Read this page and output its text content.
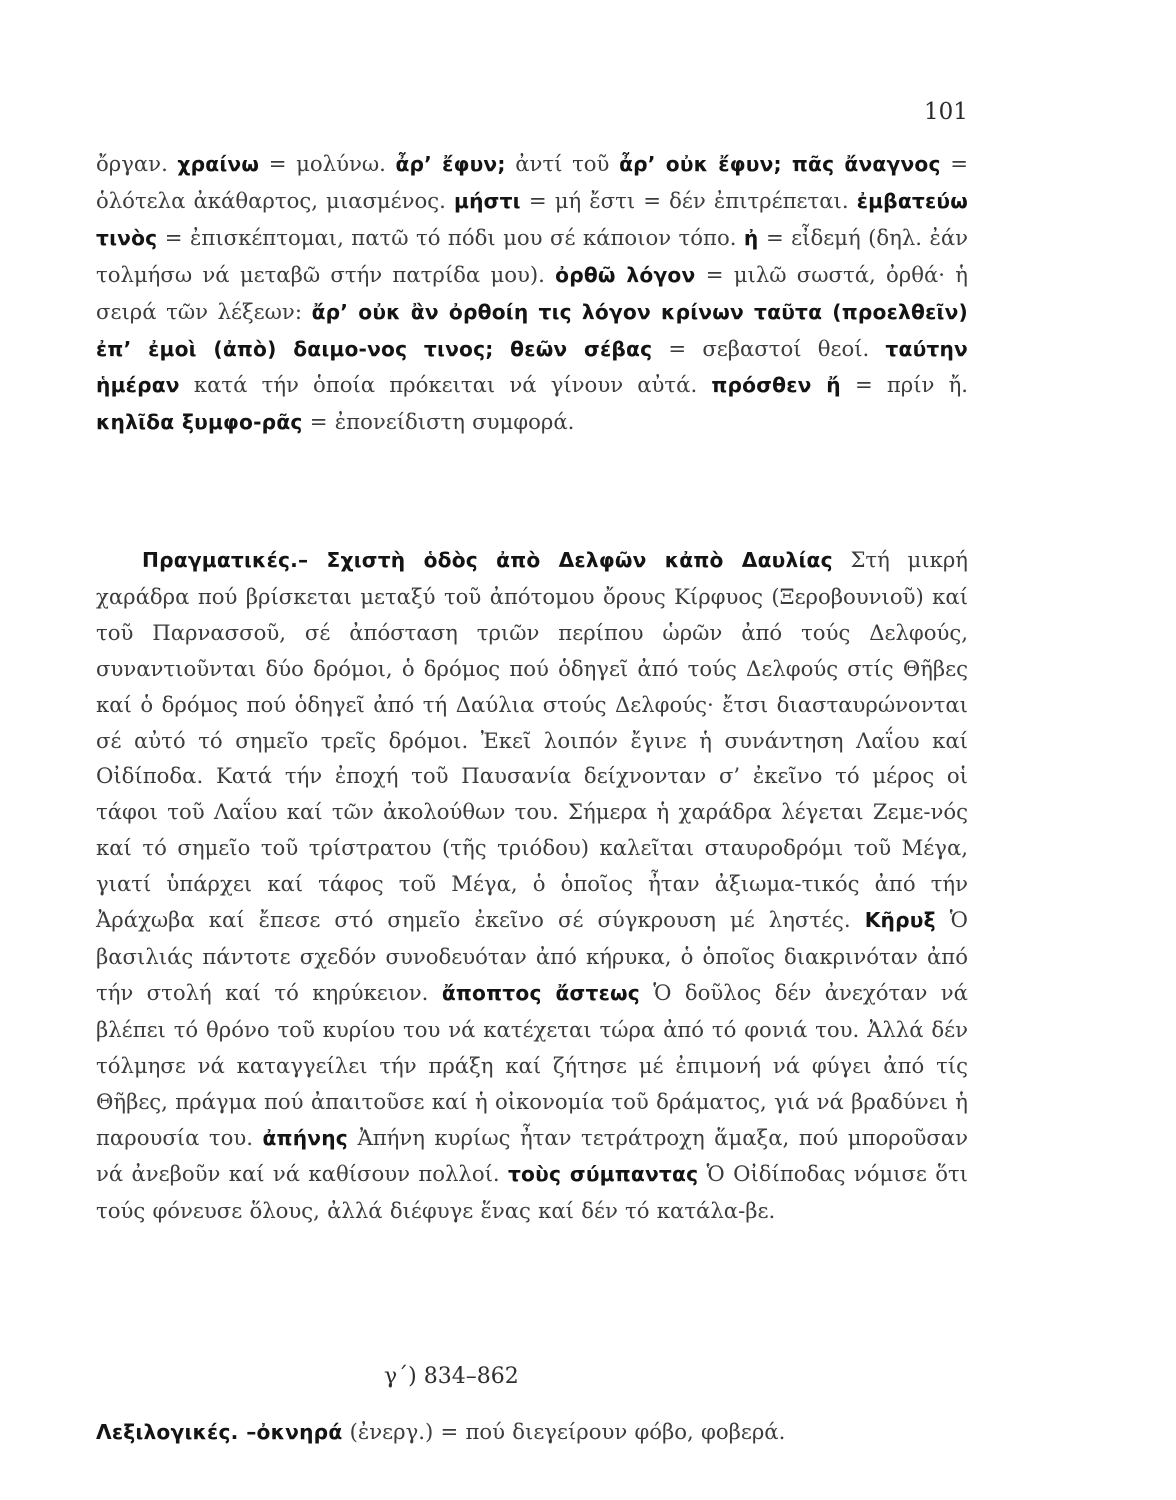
101

ὄργαν. χραίνω = μολύνω. ἆρ’ ἔφυν; ἀντί τοῦ ἆρ’ οὐκ ἔφυν; πᾶς ἄναγνος = ὁλότελα ἀκάθαρτος, μιασμένος. μήστι = μή ἔστι = δέν ἐπιτρέπεται. ἐμβατεύω τινὸς = ἐπισκέπτομαι, πατῶ τό πόδι μου σέ κάποιον τόπο. ἠ = εἶδεμή (δηλ. ἐάν τολμήσω νά μεταβῶ στήν πατρίδα μου). ὀρθῶ λόγον = μιλῶ σωστά, ὀρθά· ἡ σειρά τῶν λέξεων: ἄρ’ οὐκ ἂν ὀρθοίη τις λόγον κρίνων ταῦτα (προελθεῖν) ἐπ’ ἐμοὶ (ἀπὸ) δαιμο-νος τινος; θεῶν σέβας = σεβαστοί θεοί. ταύτην ἡμέραν κατά τήν ὁποία πρόκειται νά γίνουν αὐτά. πρόσθεν ἤ = πρίν ἤ. κηλῖδα ξυμφο-ρᾶς = ἐπονείδιστη συμφορά.

Πραγματικές.– Σχιστὴ ὁδὸς ἀπὸ Δελφῶν κἀπὸ Δαυλίας Στή μικρή χαράδρα πού βρίσκεται μεταξύ τοῦ ἀπότομου ὄρους Κίρφυος (Ξεροβουνιοῦ) καί τοῦ Παρνασσοῦ, σέ ἀπόσταση τριῶν περίπου ὡρῶν ἀπό τούς Δελφούς, συναντιοῦνται δύο δρόμοι, ὁ δρόμος πού ὁδηγεῖ ἀπό τούς Δελφούς στίς Θῆβες καί ὁ δρόμος πού ὁδηγεῖ ἀπό τή Δαύλια στούς Δελφούς· ἔτσι διασταυρώνονται σέ αὐτό τό σημεῖο τρεῖς δρόμοι. Ἐκεῖ λοιπόν ἔγινε ἡ συνάντηση Λαΐου καί Οἰδίποδα. Κατά τήν ἐποχή τοῦ Παυσανία δείχνονταν σ’ ἐκεῖνο τό μέρος οἱ τάφοι τοῦ Λαΐου καί τῶν ἀκολούθων του. Σήμερα ἡ χαράδρα λέγεται Ζεμε-νός καί τό σημεῖο τοῦ τρίστρατου (τῆς τριόδου) καλεῖται σταυροδρόμι τοῦ Μέγα, γιατί ὑπάρχει καί τάφος τοῦ Μέγα, ὁ ὁποῖος ἦταν ἀξιωμα-τικός ἀπό τήν Ἀράχωβα καί ἔπεσε στό σημεῖο ἐκεῖνο σέ σύγκρουση μέ ληστές. Κῆρυξ Ὁ βασιλιάς πάντοτε σχεδόν συνοδευόταν ἀπό κήρυκα, ὁ ὁποῖος διακρινόταν ἀπό τήν στολή καί τό κηρύκειον. ἄποπτος ἄστεως Ὁ δοῦλος δέν ἀνεχόταν νά βλέπει τό θρόνο τοῦ κυρίου του νά κατέχεται τώρα ἀπό τό φονιά του. Ἀλλά δέν τόλμησε νά καταγγείλει τήν πράξη καί ζήτησε μέ ἐπιμονή νά φύγει ἀπό τίς Θῆβες, πράγμα πού ἀπαιτοῦσε καί ἡ οἰκονομία τοῦ δράματος, γιά νά βραδύνει ἡ παρουσία του. ἀπήνης Ἀπήνη κυρίως ἦταν τετράτροχη ἅμαξα, πού μποροῦσαν νά ἀνεβοῦν καί νά καθίσουν πολλοί. τοὺς σύμπαντας Ὁ Οἰδίποδας νόμισε ὅτι τούς φόνευσε ὅλους, ἀλλά διέφυγε ἕνας καί δέν τό κατάλα-βε.

γ΄) 834–862

Λεξιλογικές. –ὀκνηρά (ἐνεργ.) = πού διεγείρουν φόβο, φοβερά.
